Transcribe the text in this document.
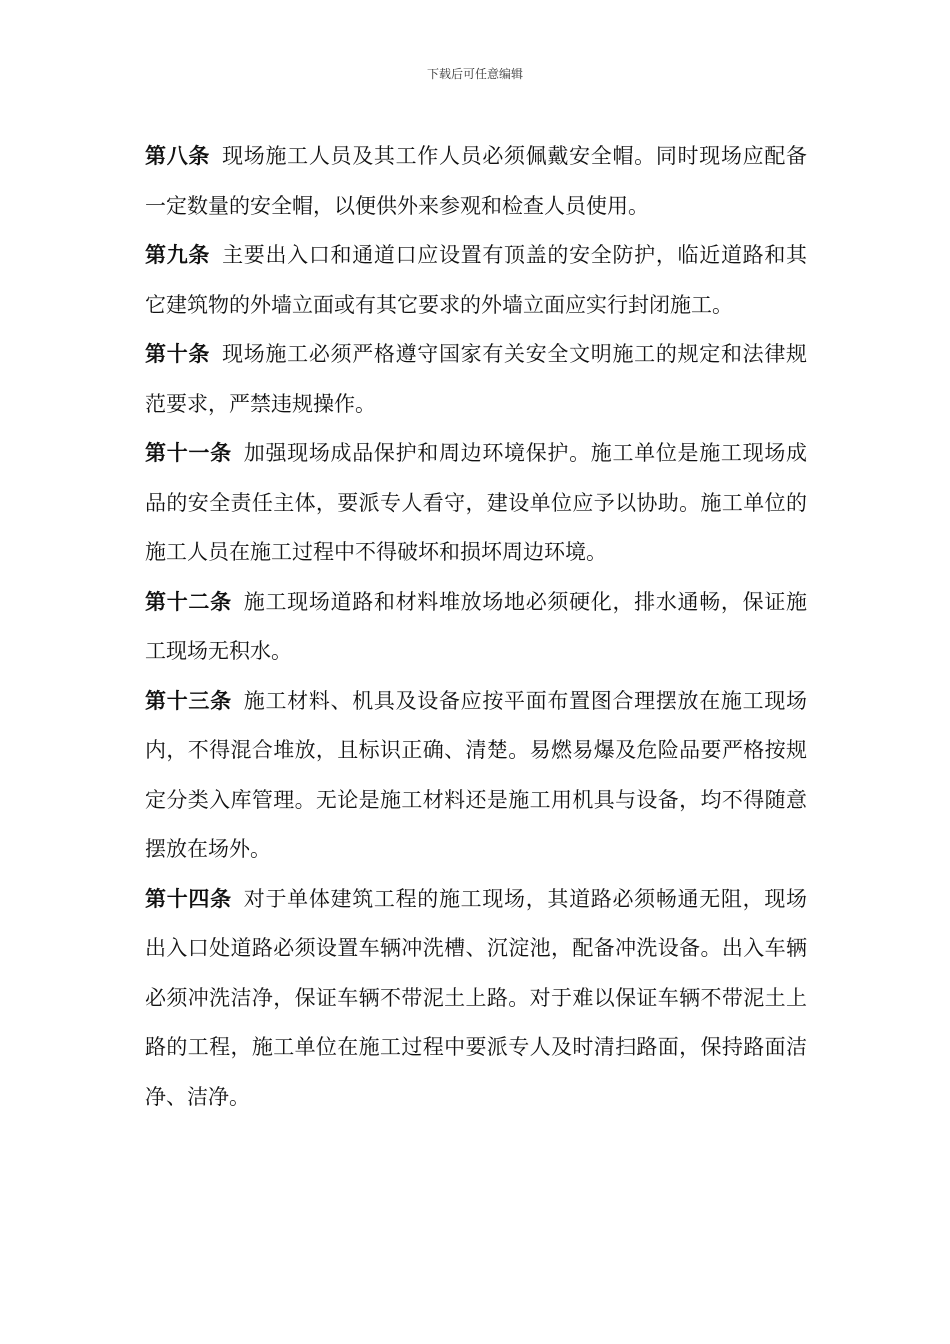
下载后可任意编辑

第八条 现场施工人员及其工作人员必须佩戴安全帽。同时现场应配备一定数量的安全帽，以便供外来参观和检查人员使用。

第九条 主要出入口和通道口应设置有顶盖的安全防护，临近道路和其它建筑物的外墙立面或有其它要求的外墙立面应实行封闭施工。

第十条 现场施工必须严格遵守国家有关安全文明施工的规定和法律规范要求，严禁违规操作。

第十一条 加强现场成品保护和周边环境保护。施工单位是施工现场成品的安全责任主体，要派专人看守，建设单位应予以协助。施工单位的施工人员在施工过程中不得破坏和损坏周边环境。

第十二条 施工现场道路和材料堆放场地必须硬化，排水通畅，保证施工现场无积水。

第十三条 施工材料、机具及设备应按平面布置图合理摆放在施工现场内，不得混合堆放，且标识正确、清楚。易燃易爆及危险品要严格按规定分类入库管理。无论是施工材料还是施工用机具与设备，均不得随意摆放在场外。

第十四条 对于单体建筑工程的施工现场，其道路必须畅通无阻，现场出入口处道路必须设置车辆冲洗槽、沉淀池，配备冲洗设备。出入车辆必须冲洗洁净，保证车辆不带泥土上路。对于难以保证车辆不带泥土上路的工程，施工单位在施工过程中要派专人及时清扫路面，保持路面洁净、洁净。
